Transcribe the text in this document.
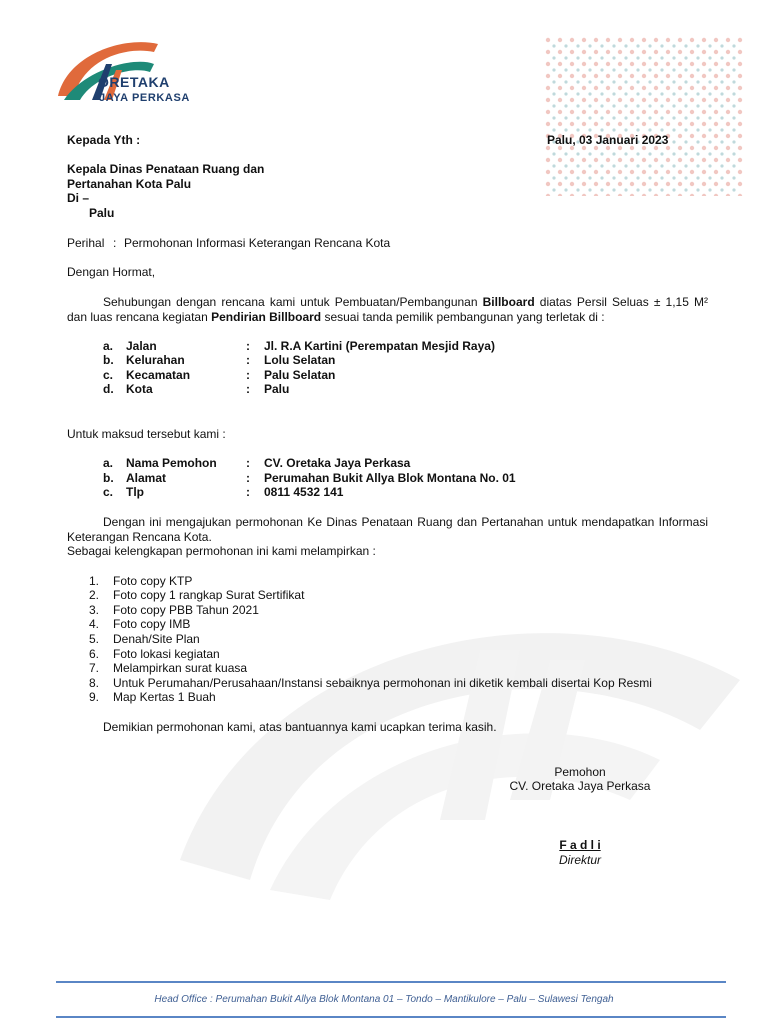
ORETAKA
JAYA PERKASA
Kepada Yth :	Palu, 03 Januari 2023
Kepala Dinas Penataan Ruang dan
Pertanahan Kota Palu
Di –
Palu
Perihal : Permohonan Informasi Keterangan Rencana Kota
Dengan Hormat,
Sehubungan dengan rencana kami untuk Pembuatan/Pembangunan Billboard diatas Persil Seluas ± 1,15 M² dan luas rencana kegiatan Pendirian Billboard sesuai tanda pemilik pembangunan yang terletak di :
a. Jalan	: Jl. R.A Kartini (Perempatan Mesjid Raya)
b. Kelurahan	: Lolu Selatan
c. Kecamatan	: Palu Selatan
d. Kota	: Palu
Untuk maksud tersebut kami :
a. Nama Pemohon : CV. Oretaka Jaya Perkasa
b. Alamat	: Perumahan Bukit Allya Blok Montana No. 01
c. Tlp	: 0811 4532 141
Dengan ini mengajukan permohonan Ke Dinas Penataan Ruang dan Pertanahan untuk mendapatkan Informasi Keterangan Rencana Kota.
Sebagai kelengkapan permohonan ini kami melampirkan :
1. Foto copy KTP
2. Foto copy 1 rangkap Surat Sertifikat
3. Foto copy PBB Tahun 2021
4. Foto copy IMB
5. Denah/Site Plan
6. Foto lokasi kegiatan
7. Melampirkan surat kuasa
8. Untuk Perumahan/Perusahaan/Instansi sebaiknya permohonan ini diketik kembali disertai Kop Resmi
9. Map Kertas 1 Buah
Demikian permohonan kami, atas bantuannya kami ucapkan terima kasih.
Pemohon
CV. Oretaka Jaya Perkasa
F a d l i
Direktur
Head Office : Perumahan Bukit Allya Blok Montana 01 – Tondo – Mantikulore – Palu – Sulawesi Tengah
